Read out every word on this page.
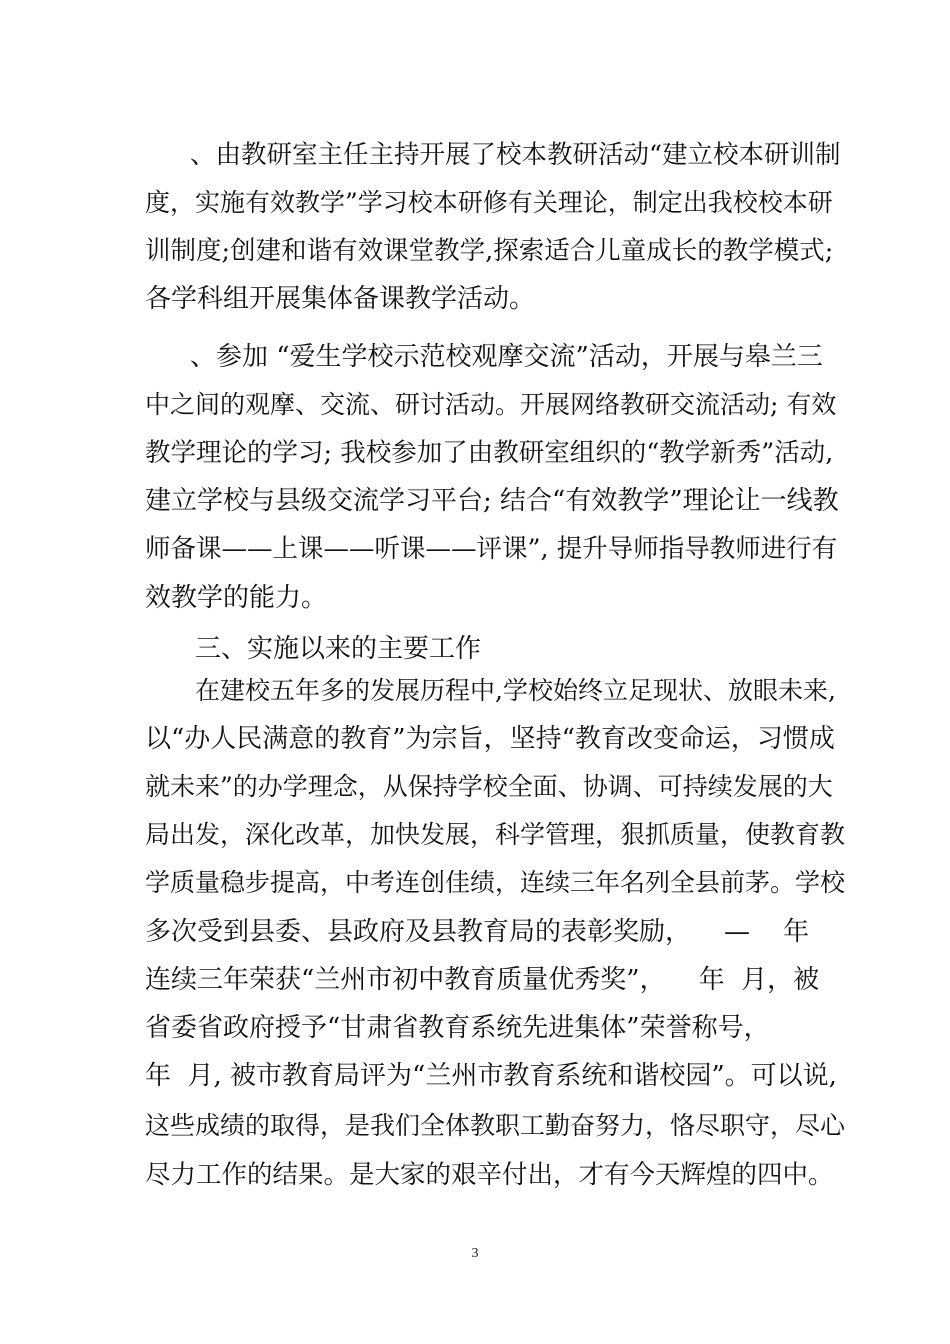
、由教研室主任主持开展了校本教研活动“建立校本研训制
度，实施有效教学”学习校本研修有关理论，制定出我校校本研
训制度;创建和谐有效课堂教学,探索适合儿童成长的教学模式;
各学科组开展集体备课教学活动。
、参加 “爱生学校示范校观摩交流”活动，开展与皋兰三
中之间的观摩、交流、研讨活动。开展网络教研交流活动; 有效
教学理论的学习; 我校参加了由教研室组织的“教学新秀”活动,
建立学校与县级交流学习平台; 结合“有效教学”理论让一线教
师备课——上课——听课——评课”, 提升导师指导教师进行有
效教学的能力。
三、实施以来的主要工作
在建校五年多的发展历程中,学校始终立足现状、放眼未来,
以“办人民满意的教育”为宗旨，坚持“教育改变命运，习惯成
就未来”的办学理念，从保持学校全面、协调、可持续发展的大
局出发，深化改革，加快发展，科学管理，狠抓质量，使教育教
学质量稳步提高，中考连创佳绩，连续三年名列全县前茅。学校
多次受到县委、县政府及县教育局的表彰奖励，    —    年
连续三年荣获“兰州市初中教育质量优秀奖”，    年  月，被
省委省政府授予“甘肃省教育系统先进集体”荣誉称号，
年  月, 被市教育局评为“兰州市教育系统和谐校园”。可以说,
这些成绩的取得，是我们全体教职工勤奋努力，恪尽职守，尽心
尽力工作的结果。是大家的艰辛付出，才有今天辉煌的四中。
3
